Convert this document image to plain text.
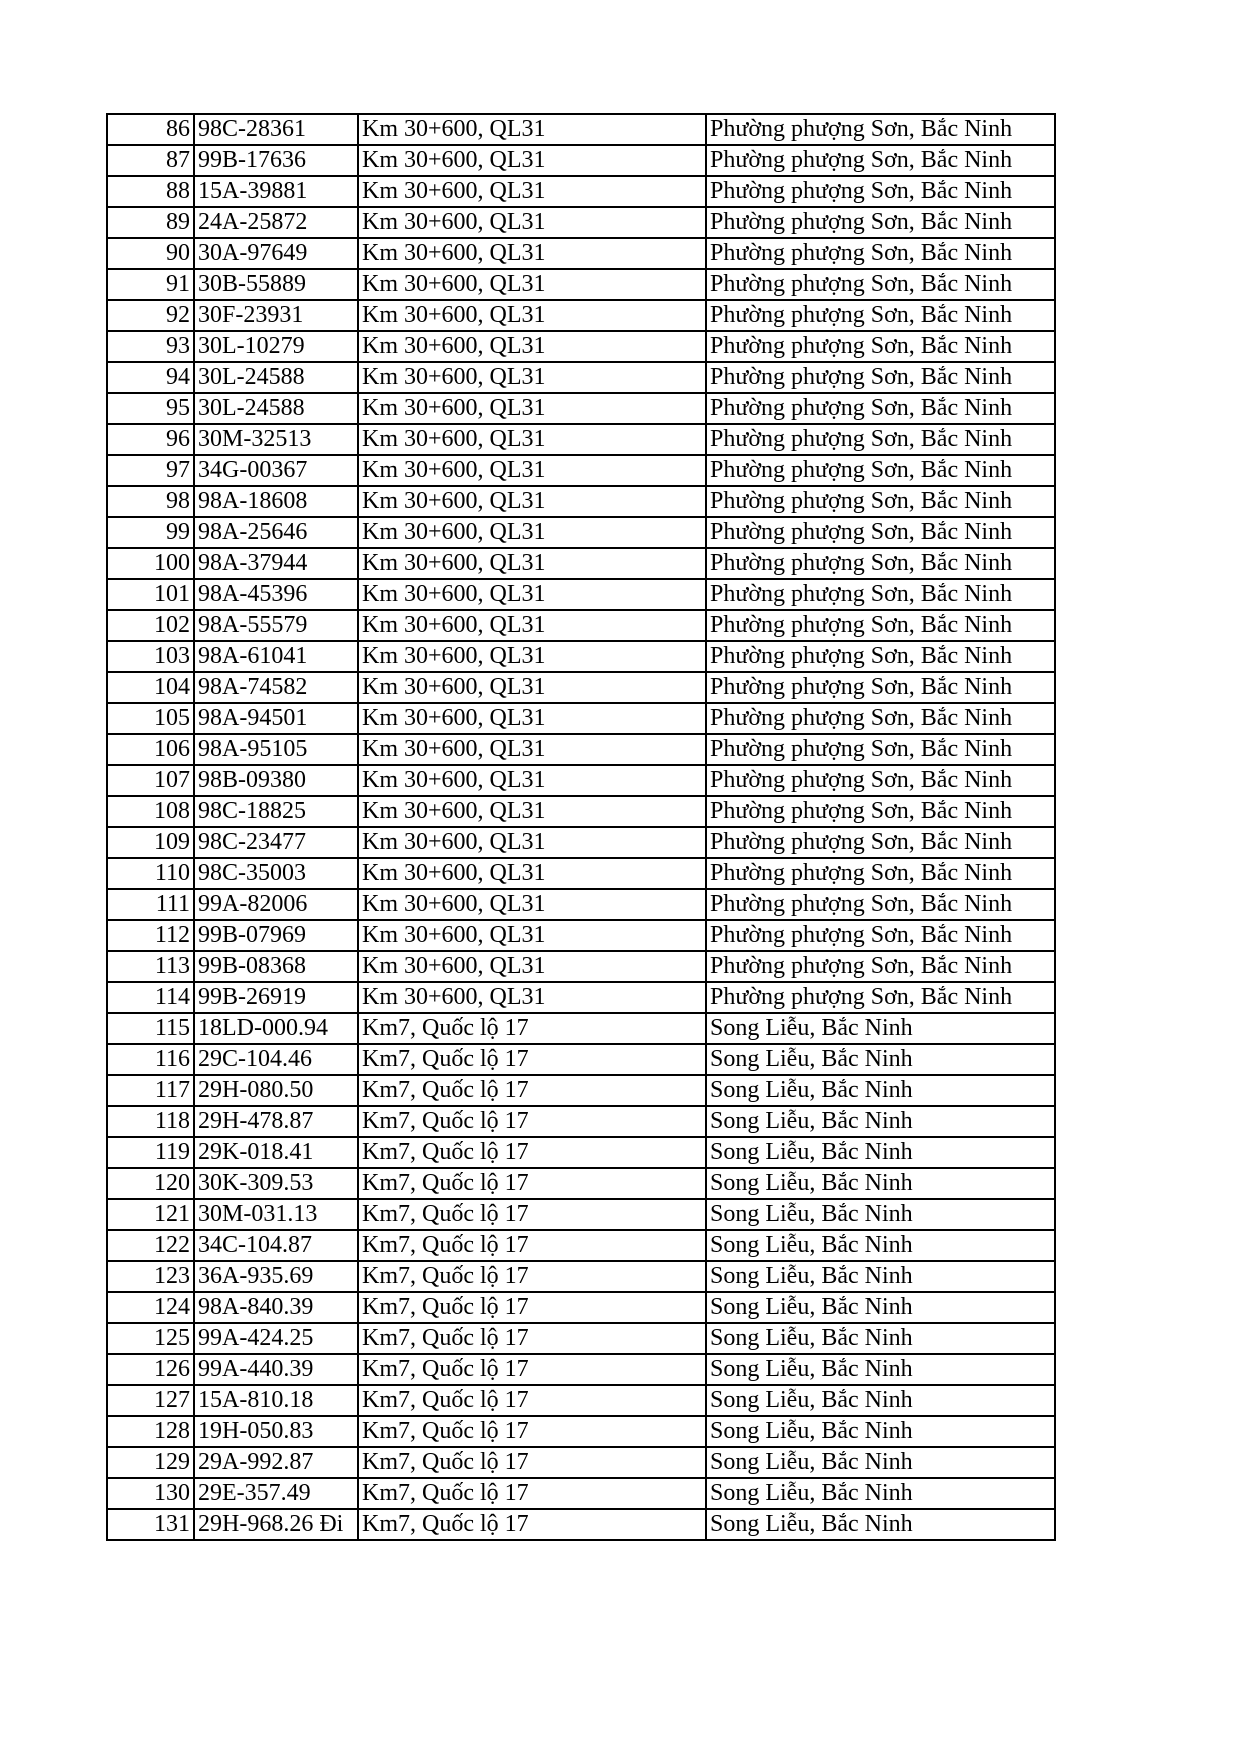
86	98C-28361	Km 30+600, QL31	Phường phượng Sơn, Bắc Ninh
87	99B-17636	Km 30+600, QL31	Phường phượng Sơn, Bắc Ninh
88	15A-39881	Km 30+600, QL31	Phường phượng Sơn, Bắc Ninh
89	24A-25872	Km 30+600, QL31	Phường phượng Sơn, Bắc Ninh
90	30A-97649	Km 30+600, QL31	Phường phượng Sơn, Bắc Ninh
91	30B-55889	Km 30+600, QL31	Phường phượng Sơn, Bắc Ninh
92	30F-23931	Km 30+600, QL31	Phường phượng Sơn, Bắc Ninh
93	30L-10279	Km 30+600, QL31	Phường phượng Sơn, Bắc Ninh
94	30L-24588	Km 30+600, QL31	Phường phượng Sơn, Bắc Ninh
95	30L-24588	Km 30+600, QL31	Phường phượng Sơn, Bắc Ninh
96	30M-32513	Km 30+600, QL31	Phường phượng Sơn, Bắc Ninh
97	34G-00367	Km 30+600, QL31	Phường phượng Sơn, Bắc Ninh
98	98A-18608	Km 30+600, QL31	Phường phượng Sơn, Bắc Ninh
99	98A-25646	Km 30+600, QL31	Phường phượng Sơn, Bắc Ninh
100	98A-37944	Km 30+600, QL31	Phường phượng Sơn, Bắc Ninh
101	98A-45396	Km 30+600, QL31	Phường phượng Sơn, Bắc Ninh
102	98A-55579	Km 30+600, QL31	Phường phượng Sơn, Bắc Ninh
103	98A-61041	Km 30+600, QL31	Phường phượng Sơn, Bắc Ninh
104	98A-74582	Km 30+600, QL31	Phường phượng Sơn, Bắc Ninh
105	98A-94501	Km 30+600, QL31	Phường phượng Sơn, Bắc Ninh
106	98A-95105	Km 30+600, QL31	Phường phượng Sơn, Bắc Ninh
107	98B-09380	Km 30+600, QL31	Phường phượng Sơn, Bắc Ninh
108	98C-18825	Km 30+600, QL31	Phường phượng Sơn, Bắc Ninh
109	98C-23477	Km 30+600, QL31	Phường phượng Sơn, Bắc Ninh
110	98C-35003	Km 30+600, QL31	Phường phượng Sơn, Bắc Ninh
111	99A-82006	Km 30+600, QL31	Phường phượng Sơn, Bắc Ninh
112	99B-07969	Km 30+600, QL31	Phường phượng Sơn, Bắc Ninh
113	99B-08368	Km 30+600, QL31	Phường phượng Sơn, Bắc Ninh
114	99B-26919	Km 30+600, QL31	Phường phượng Sơn, Bắc Ninh
115	18LD-000.94	Km7, Quốc lộ 17	Song Liễu, Bắc Ninh
116	29C-104.46	Km7, Quốc lộ 17	Song Liễu, Bắc Ninh
117	29H-080.50	Km7, Quốc lộ 17	Song Liễu, Bắc Ninh
118	29H-478.87	Km7, Quốc lộ 17	Song Liễu, Bắc Ninh
119	29K-018.41	Km7, Quốc lộ 17	Song Liễu, Bắc Ninh
120	30K-309.53	Km7, Quốc lộ 17	Song Liễu, Bắc Ninh
121	30M-031.13	Km7, Quốc lộ 17	Song Liễu, Bắc Ninh
122	34C-104.87	Km7, Quốc lộ 17	Song Liễu, Bắc Ninh
123	36A-935.69	Km7, Quốc lộ 17	Song Liễu, Bắc Ninh
124	98A-840.39	Km7, Quốc lộ 17	Song Liễu, Bắc Ninh
125	99A-424.25	Km7, Quốc lộ 17	Song Liễu, Bắc Ninh
126	99A-440.39	Km7, Quốc lộ 17	Song Liễu, Bắc Ninh
127	15A-810.18	Km7, Quốc lộ 17	Song Liễu, Bắc Ninh
128	19H-050.83	Km7, Quốc lộ 17	Song Liễu, Bắc Ninh
129	29A-992.87	Km7, Quốc lộ 17	Song Liễu, Bắc Ninh
130	29E-357.49	Km7, Quốc lộ 17	Song Liễu, Bắc Ninh
131	29H-968.26 Đi	Km7, Quốc lộ 17	Song Liễu, Bắc Ninh
